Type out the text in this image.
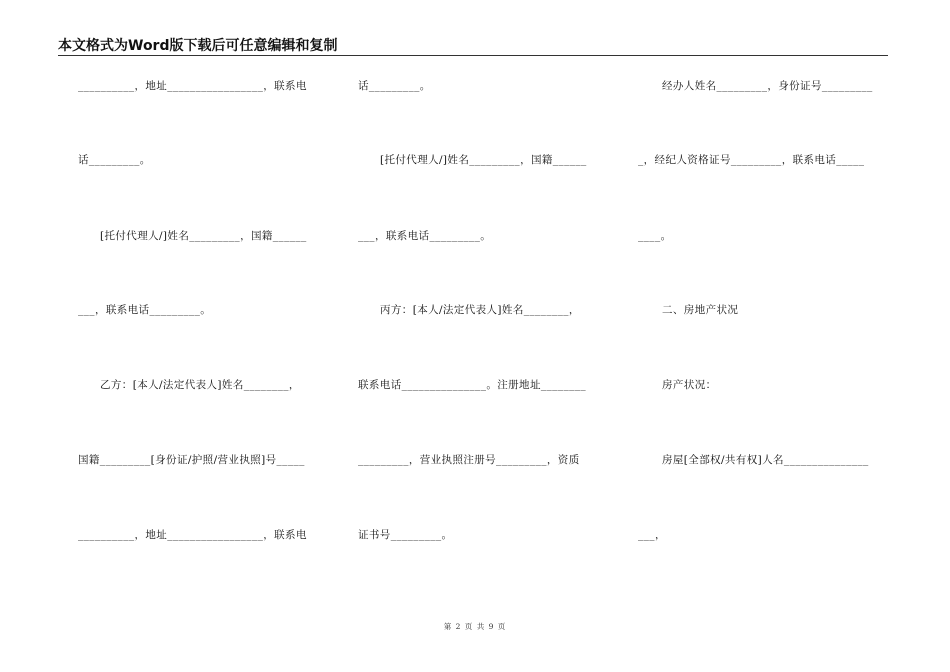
本文格式为Word版下载后可任意编辑和复制
__________，地址_________________，联系电
话_________。
[托付代理人/]姓名_________，国籍______
___，联系电话_________。
乙方：[本人/法定代表人]姓名________，
国籍_________[身份证/护照/营业执照]号_____
__________，地址_________________，联系电
话_________。
[托付代理人/]姓名_________，国籍______
___，联系电话_________。
丙方：[本人/法定代表人]姓名________，
联系电话_______________。注册地址________
_________，营业执照注册号_________，资质
证书号_________。
经办人姓名_________，身份证号_________
_，经纪人资格证号_________，联系电话_____
____。
二、房地产状况
房产状况：
房屋[全部权/共有权]人名_______________
___，
第 2 页 共 9 页
